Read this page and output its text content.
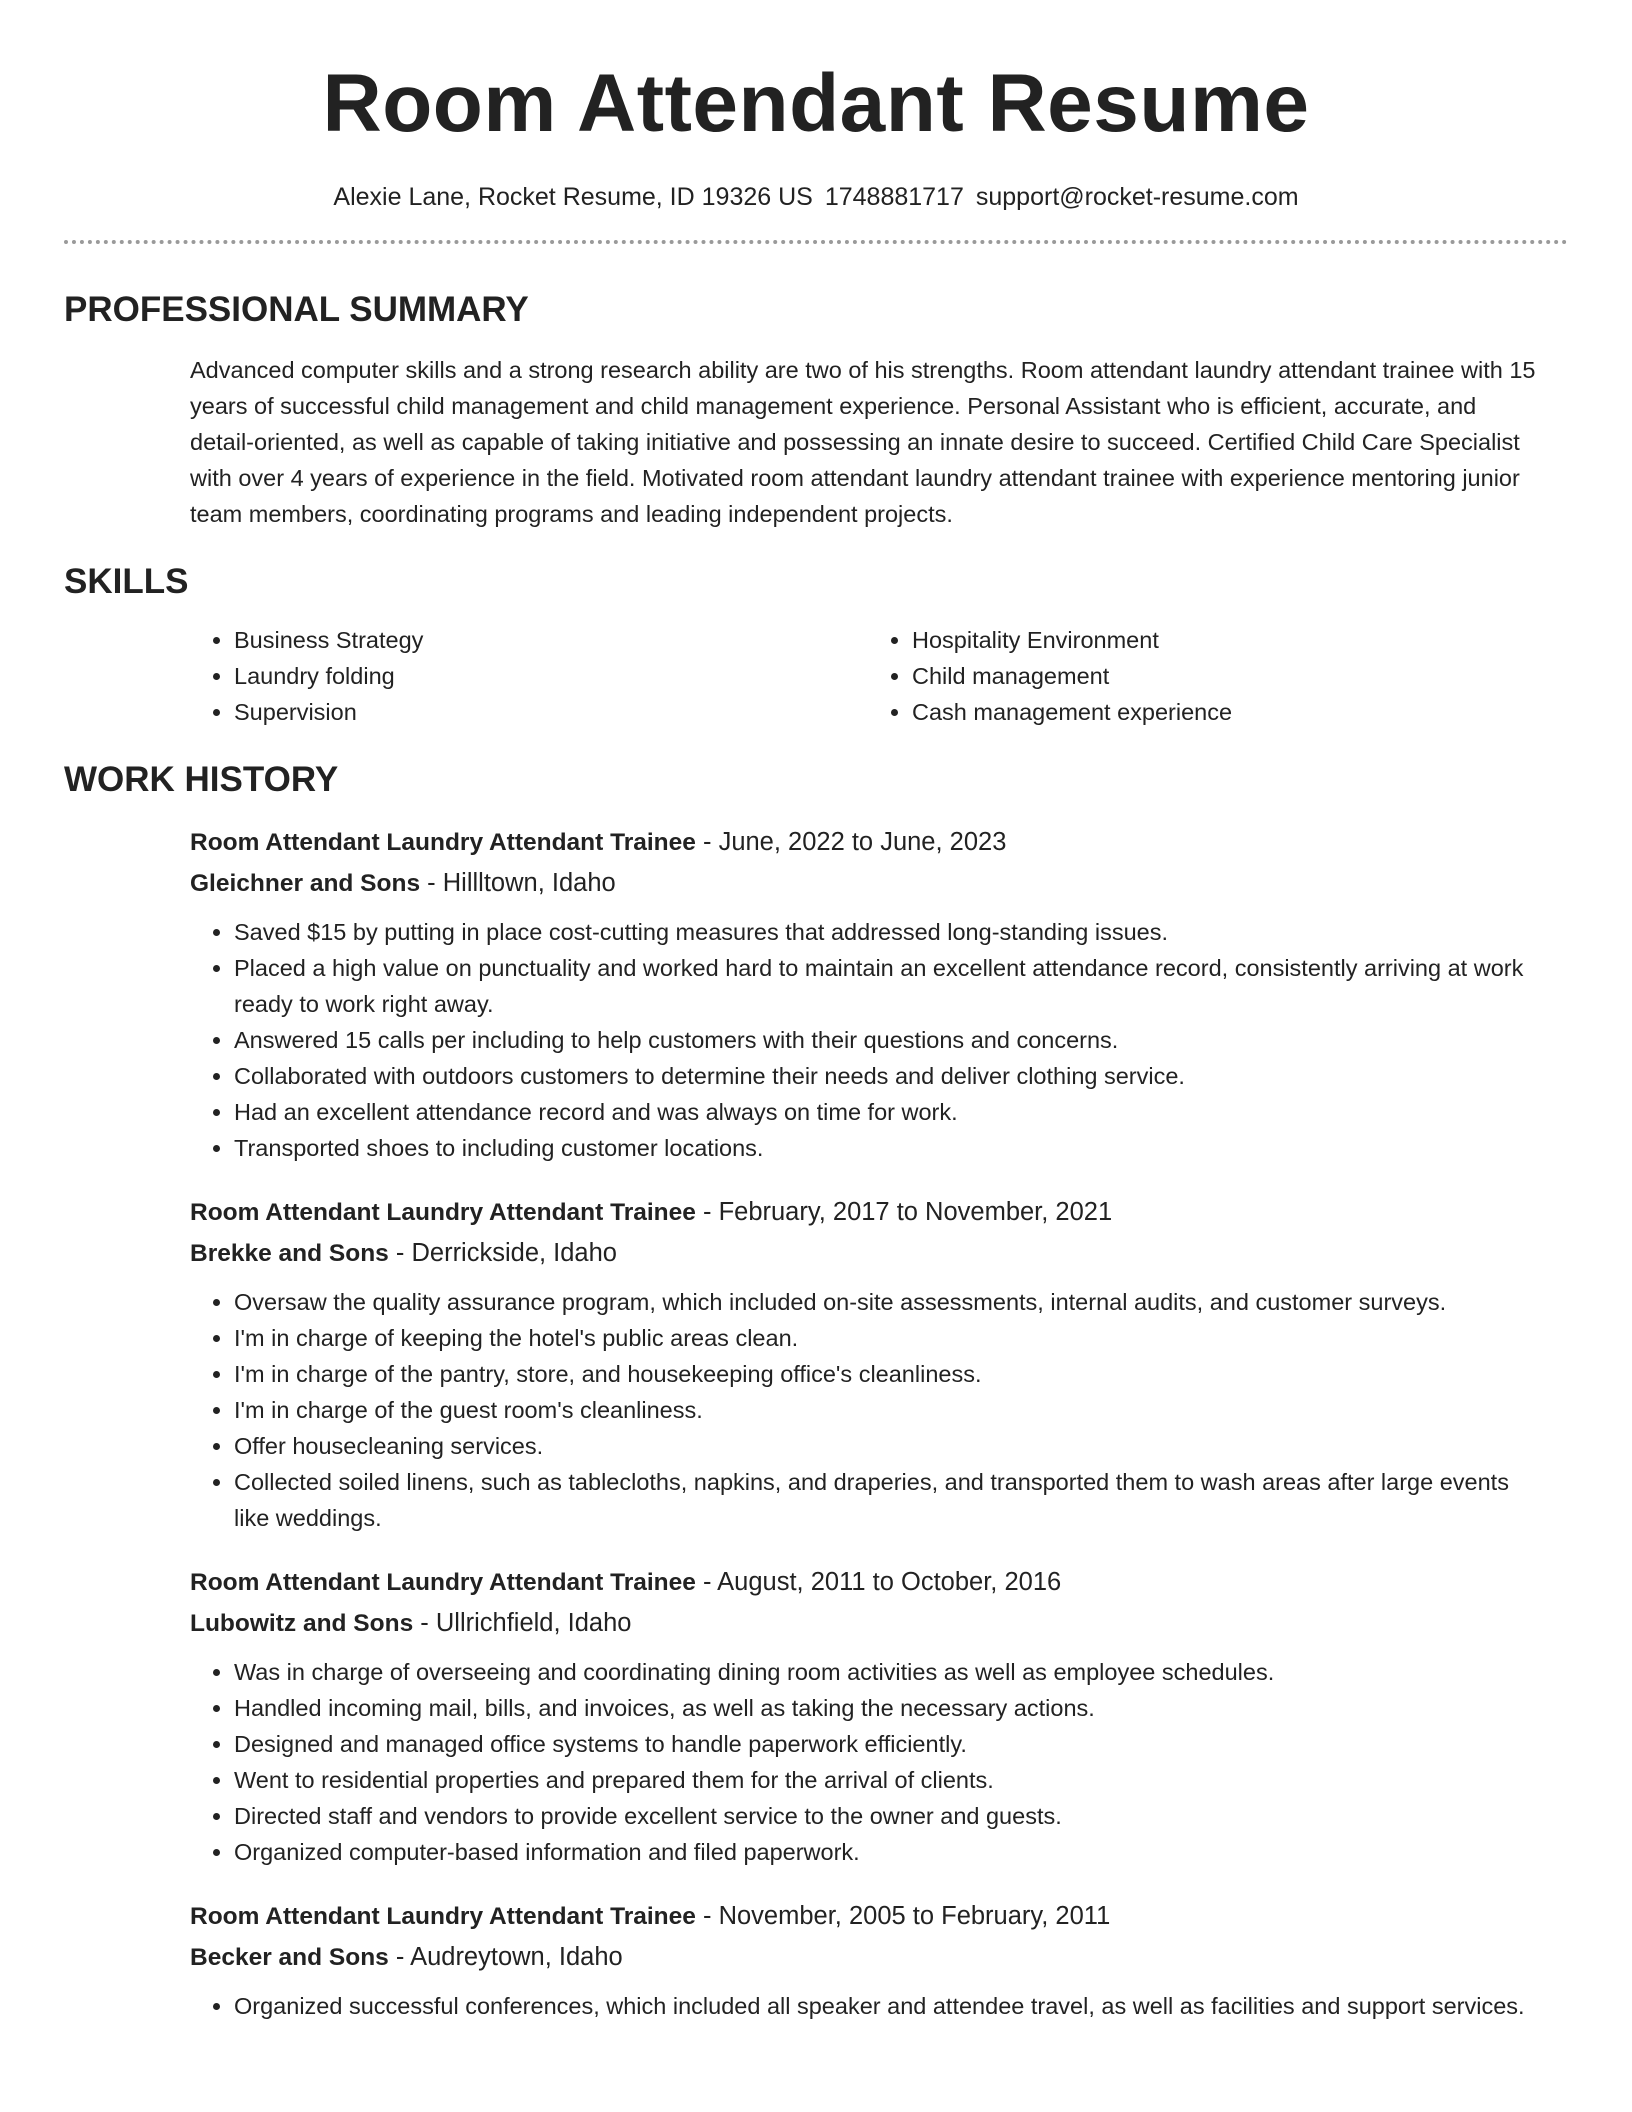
Room Attendant Resume
Alexie Lane, Rocket Resume, ID 19326 US 1748881717 support@rocket-resume.com
PROFESSIONAL SUMMARY
Advanced computer skills and a strong research ability are two of his strengths. Room attendant laundry attendant trainee with 15 years of successful child management and child management experience. Personal Assistant who is efficient, accurate, and detail-oriented, as well as capable of taking initiative and possessing an innate desire to succeed. Certified Child Care Specialist with over 4 years of experience in the field. Motivated room attendant laundry attendant trainee with experience mentoring junior team members, coordinating programs and leading independent projects.
SKILLS
• Business Strategy
• Laundry folding
• Supervision
• Hospitality Environment
• Child management
• Cash management experience
WORK HISTORY
Room Attendant Laundry Attendant Trainee - June, 2022 to June, 2023
Gleichner and Sons - Hillltown, Idaho
• Saved $15 by putting in place cost-cutting measures that addressed long-standing issues.
• Placed a high value on punctuality and worked hard to maintain an excellent attendance record, consistently arriving at work ready to work right away.
• Answered 15 calls per including to help customers with their questions and concerns.
• Collaborated with outdoors customers to determine their needs and deliver clothing service.
• Had an excellent attendance record and was always on time for work.
• Transported shoes to including customer locations.
Room Attendant Laundry Attendant Trainee - February, 2017 to November, 2021
Brekke and Sons - Derrickside, Idaho
• Oversaw the quality assurance program, which included on-site assessments, internal audits, and customer surveys.
• I'm in charge of keeping the hotel's public areas clean.
• I'm in charge of the pantry, store, and housekeeping office's cleanliness.
• I'm in charge of the guest room's cleanliness.
• Offer housecleaning services.
• Collected soiled linens, such as tablecloths, napkins, and draperies, and transported them to wash areas after large events like weddings.
Room Attendant Laundry Attendant Trainee - August, 2011 to October, 2016
Lubowitz and Sons - Ullrichfield, Idaho
• Was in charge of overseeing and coordinating dining room activities as well as employee schedules.
• Handled incoming mail, bills, and invoices, as well as taking the necessary actions.
• Designed and managed office systems to handle paperwork efficiently.
• Went to residential properties and prepared them for the arrival of clients.
• Directed staff and vendors to provide excellent service to the owner and guests.
• Organized computer-based information and filed paperwork.
Room Attendant Laundry Attendant Trainee - November, 2005 to February, 2011
Becker and Sons - Audreytown, Idaho
• Organized successful conferences, which included all speaker and attendee travel, as well as facilities and support services.
